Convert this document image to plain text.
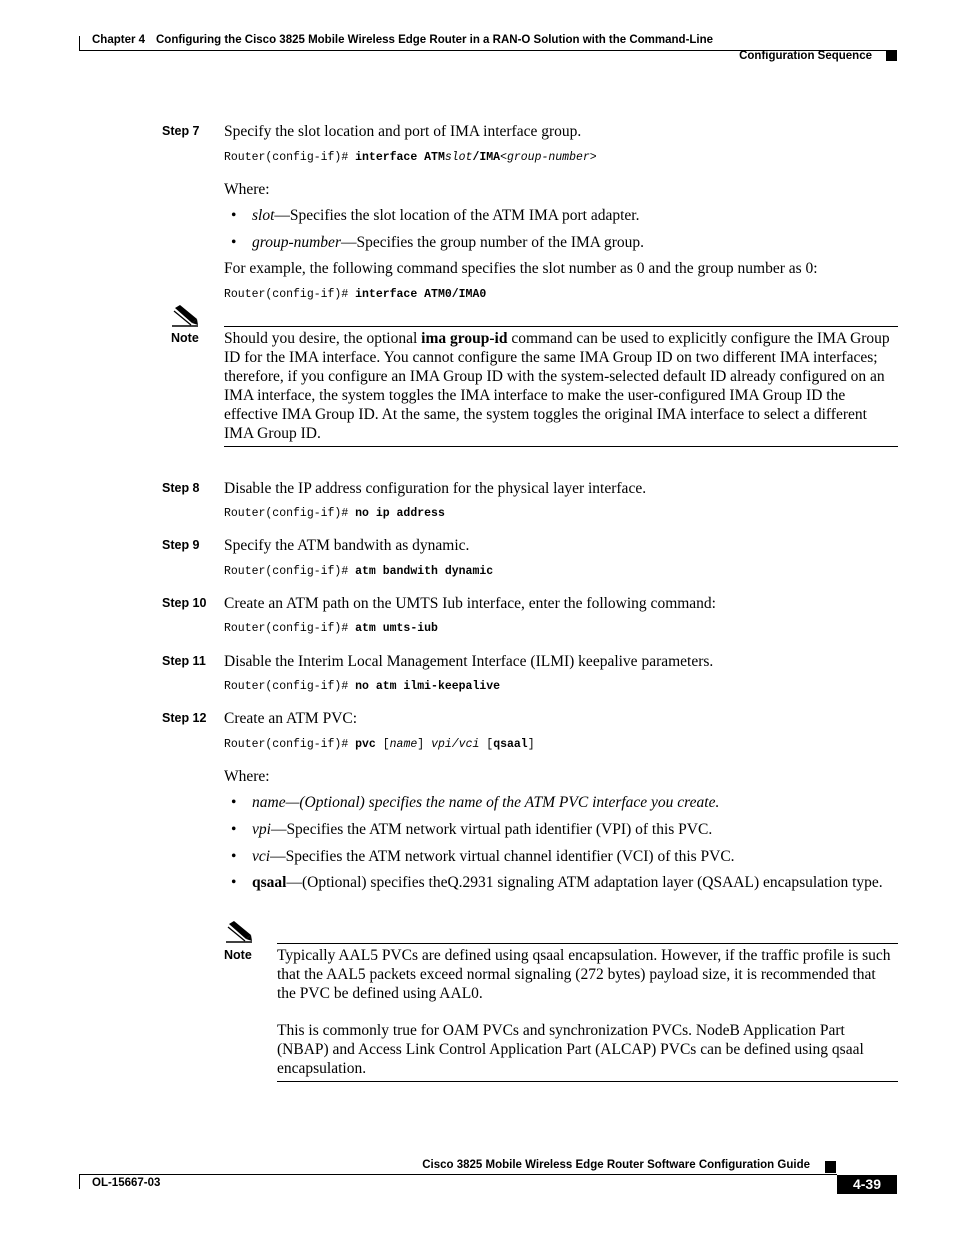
Chapter 4 Configuring the Cisco 3825 Mobile Wireless Edge Router in a RAN-O Solution with the Command-Line
Configuration Sequence
Step 7 Specify the slot location and port of IMA interface group.
Router(config-if)# interface ATMslot/IMA<group-number>
Where:
• slot—Specifies the slot location of the ATM IMA port adapter.
• group-number—Specifies the group number of the IMA group.
For example, the following command specifies the slot number as 0 and the group number as 0:
Router(config-if)# interface ATM0/IMA0
Note Should you desire, the optional ima group-id command can be used to explicitly configure the IMA Group ID for the IMA interface. You cannot configure the same IMA Group ID on two different IMA interfaces; therefore, if you configure an IMA Group ID with the system-selected default ID already configured on an IMA interface, the system toggles the IMA interface to make the user-configured IMA Group ID the effective IMA Group ID. At the same, the system toggles the original IMA interface to select a different IMA Group ID.
Step 8 Disable the IP address configuration for the physical layer interface.
Router(config-if)# no ip address
Step 9 Specify the ATM bandwith as dynamic.
Router(config-if)# atm bandwith dynamic
Step 10 Create an ATM path on the UMTS Iub interface, enter the following command:
Router(config-if)# atm umts-iub
Step 11 Disable the Interim Local Management Interface (ILMI) keepalive parameters.
Router(config-if)# no atm ilmi-keepalive
Step 12 Create an ATM PVC:
Router(config-if)# pvc [name] vpi/vci [qsaal]
Where:
• name—(Optional) specifies the name of the ATM PVC interface you create.
• vpi—Specifies the ATM network virtual path identifier (VPI) of this PVC.
• vci—Specifies the ATM network virtual channel identifier (VCI) of this PVC.
• qsaal—(Optional) specifies theQ.2931 signaling ATM adaptation layer (QSAAL) encapsulation type.
Note Typically AAL5 PVCs are defined using qsaal encapsulation. However, if the traffic profile is such that the AAL5 packets exceed normal signaling (272 bytes) payload size, it is recommended that the PVC be defined using AAL0.
This is commonly true for OAM PVCs and synchronization PVCs. NodeB Application Part (NBAP) and Access Link Control Application Part (ALCAP) PVCs can be defined using qsaal encapsulation.
Cisco 3825 Mobile Wireless Edge Router Software Configuration Guide
OL-15667-03	4-39
